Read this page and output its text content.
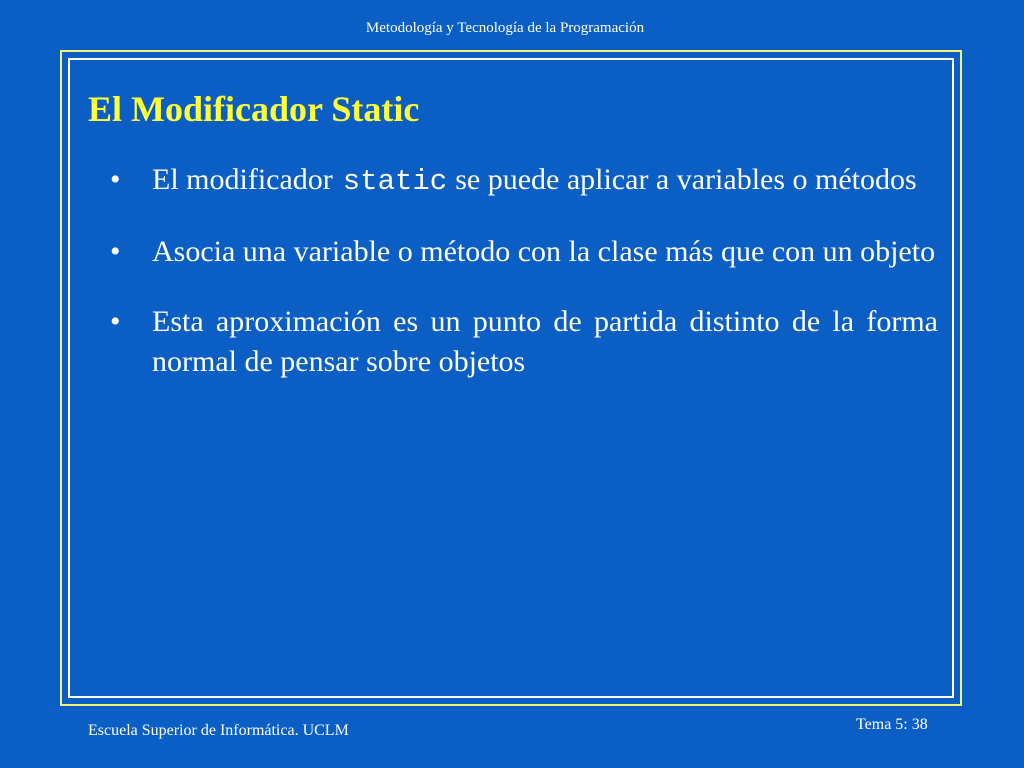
Metodología y Tecnología de la Programación
El Modificador Static
•	El modificador static se puede aplicar a variables o métodos
•	Asocia una variable o método con la clase más que con un objeto
•	Esta aproximación es un punto de partida distinto de la forma normal de pensar sobre objetos
Escuela Superior de Informática. UCLM	Tema 5: 38
